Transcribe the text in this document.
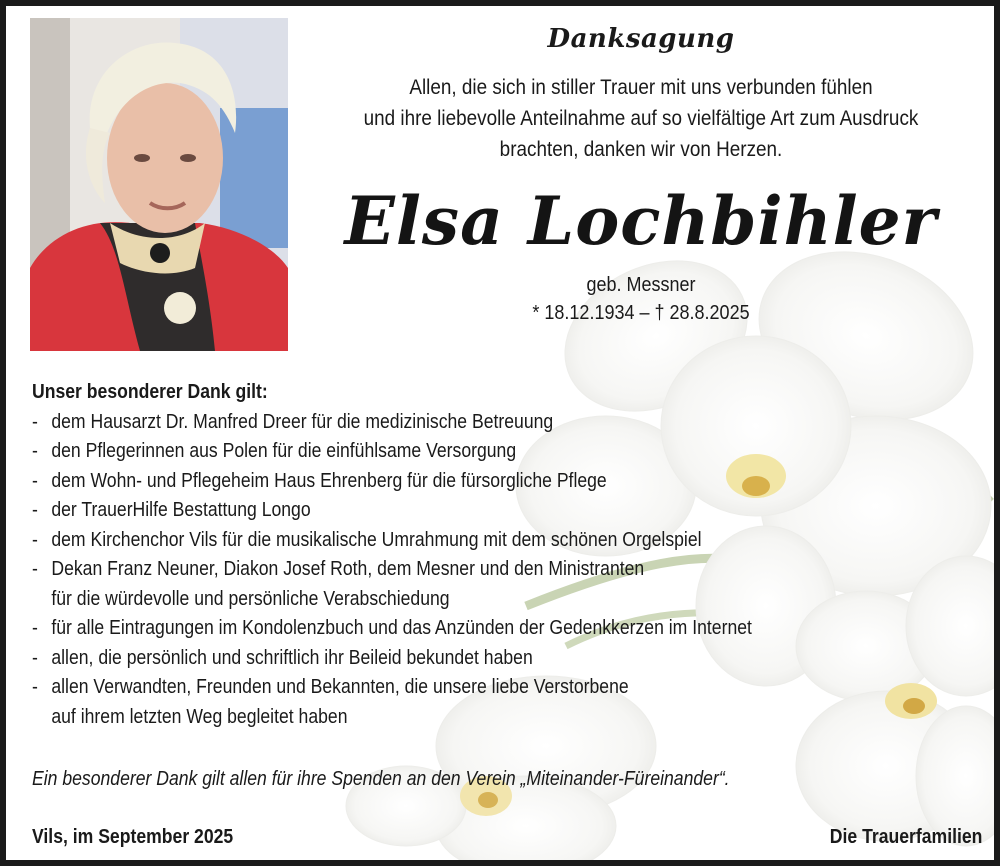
Danksagung
Allen, die sich in stiller Trauer mit uns verbunden fühlen
und ihre liebevolle Anteilnahme auf so vielfältige Art zum Ausdruck
brachten, danken wir von Herzen.
Elsa Lochbihler
geb. Messner
* 18.12.1934 – † 28.8.2025
Unser besonderer Dank gilt:
- dem Hausarzt Dr. Manfred Dreer für die medizinische Betreuung
- den Pflegerinnen aus Polen für die einfühlsame Versorgung
- dem Wohn- und Pflegeheim Haus Ehrenberg für die fürsorgliche Pflege
- der TrauerHilfe Bestattung Longo
- dem Kirchenchor Vils für die musikalische Umrahmung mit dem schönen Orgelspiel
- Dekan Franz Neuner, Diakon Josef Roth, dem Mesner und den Ministranten
für die würdevolle und persönliche Verabschiedung
- für alle Eintragungen im Kondolenzbuch und das Anzünden der Gedenkkerzen im Internet
- allen, die persönlich und schriftlich ihr Beileid bekundet haben
- allen Verwandten, Freunden und Bekannten, die unsere liebe Verstorbene
auf ihrem letzten Weg begleitet haben
Ein besonderer Dank gilt allen für ihre Spenden an den Verein „Miteinander-Füreinander“.
Vils, im September 2025	Die Trauerfamilien
